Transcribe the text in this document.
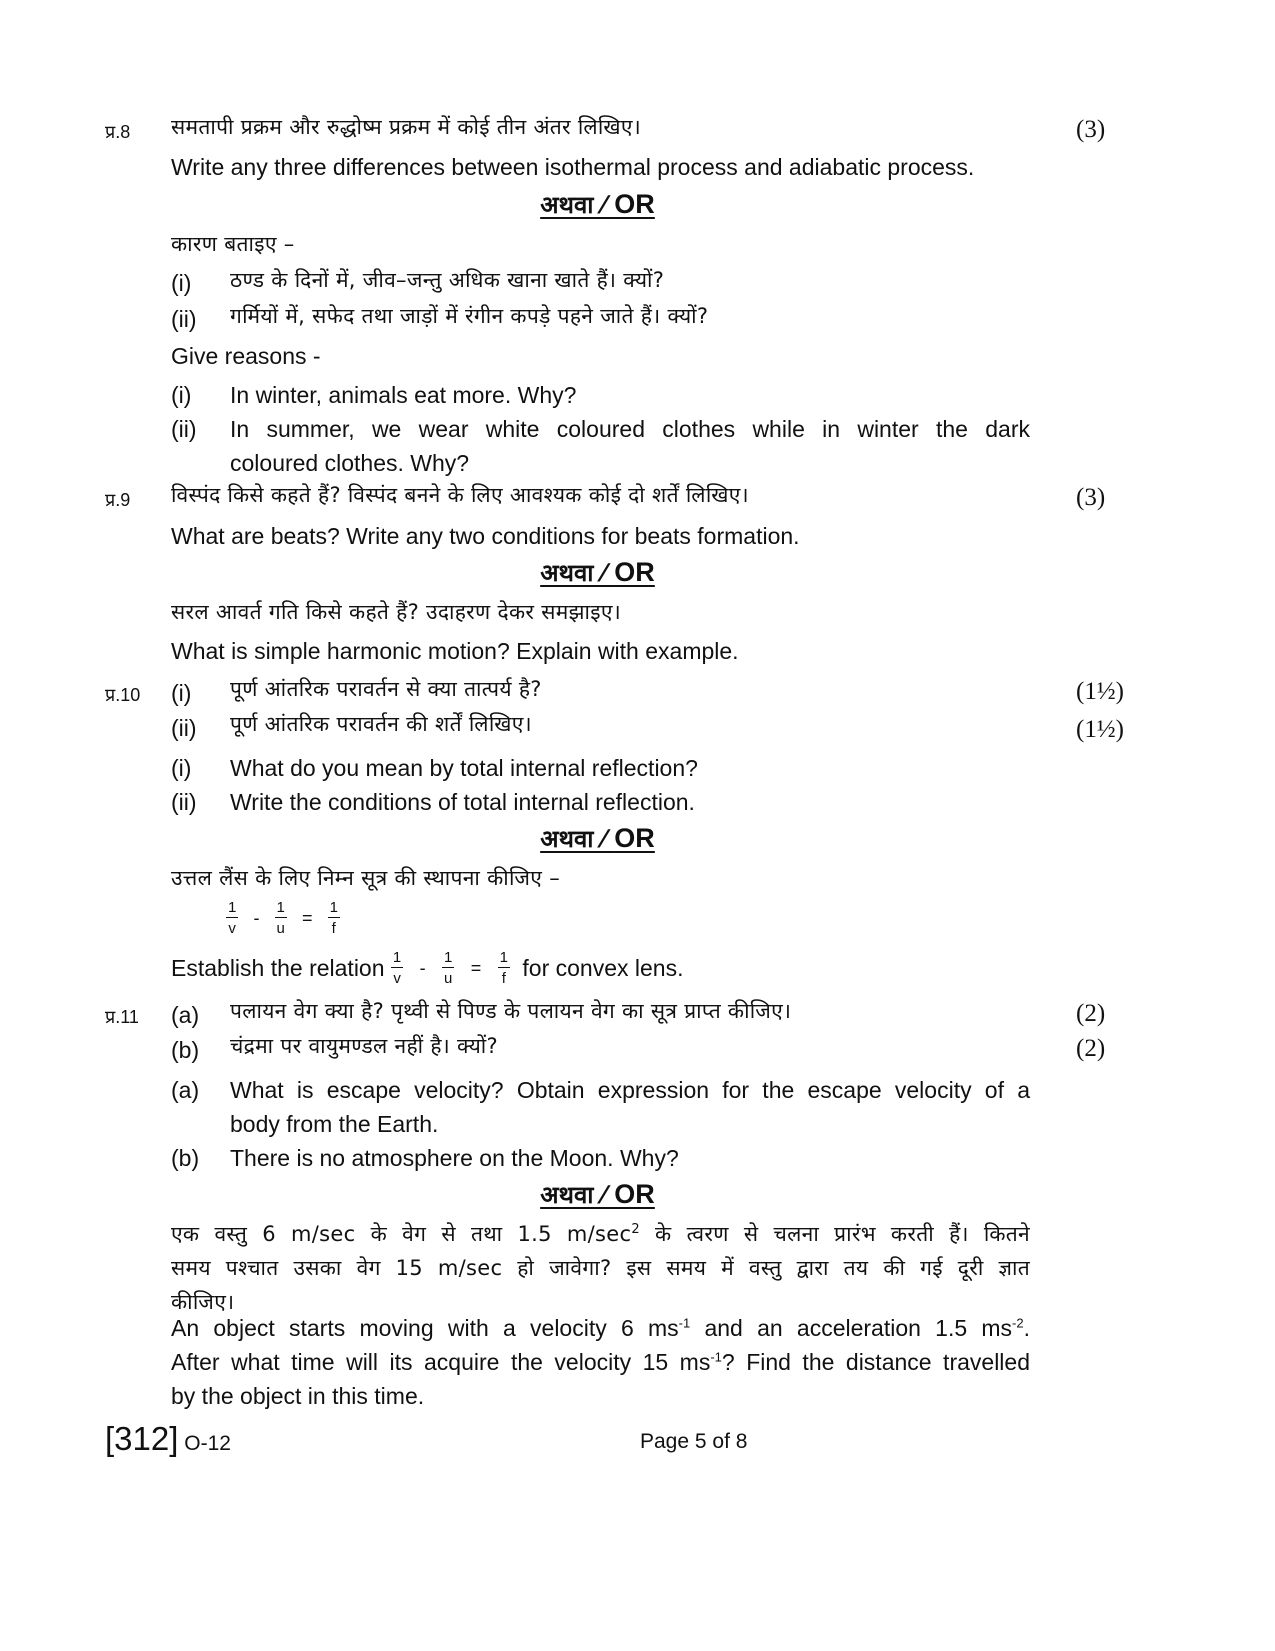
प्र.8 समतापी प्रक्रम और रुद्धोष्म प्रक्रम में कोई तीन अंतर लिखिए।	(3)
Write any three differences between isothermal process and adiabatic process.
अथवा ⁄ OR
कारण बताइए –
(i) ठण्ड के दिनों में, जीव–जन्तु अधिक खाना खाते हैं। क्यों?
(ii) गर्मियों में, सफेद तथा जाड़ों में रंगीन कपड़े पहने जाते हैं। क्यों?
Give reasons -
(i) In winter, animals eat more. Why?
(ii) In summer, we wear white coloured clothes while in winter the dark
coloured clothes. Why?
प्र.9 विस्पंद किसे कहते हैं? विस्पंद बनने के लिए आवश्यक कोई दो शर्तें लिखिए।	(3)
What are beats? Write any two conditions for beats formation.
अथवा ⁄ OR
सरल आवर्त गति किसे कहते हैं? उदाहरण देकर समझाइए।
What is simple harmonic motion? Explain with example.
प्र.10 (i) पूर्ण आंतरिक परावर्तन से क्या तात्पर्य है?	(1½)
(ii) पूर्ण आंतरिक परावर्तन की शर्तें लिखिए।	(1½)
(i) What do you mean by total internal reflection?
(ii) Write the conditions of total internal reflection.
अथवा ⁄ OR
उत्तल लैंस के लिए निम्न सूत्र की स्थापना कीजिए –
$\frac{1}{v} - \frac{1}{u} = \frac{1}{f}$
Establish the relation $\frac{1}{v} - \frac{1}{u} = \frac{1}{f}$ for convex lens.
प्र.11 (a) पलायन वेग क्या है? पृथ्वी से पिण्ड के पलायन वेग का सूत्र प्राप्त कीजिए।	(2)
(b) चंद्रमा पर वायुमण्डल नहीं है। क्यों?	(2)
(a) What is escape velocity? Obtain expression for the escape velocity of a
body from the Earth.
(b) There is no atmosphere on the Moon. Why?
अथवा ⁄ OR
एक वस्तु 6 m/sec के वेग से तथा 1.5 $m/\sec^2$ के त्वरण से चलना प्रारंभ करती हैं। कितने
समय पश्चात उसका वेग 15 m/sec हो जावेगा? इस समय में वस्तु द्वारा तय की गई दूरी ज्ञात
कीजिए।
An object starts moving with a velocity 6 $ms^{-1}$ and an acceleration 1.5 $ms^{-2}$.
After what time will its acquire the velocity 15 $ms^{-1}$? Find the distance travelled
by the object in this time.
[312] O-12	Page 5 of 8
